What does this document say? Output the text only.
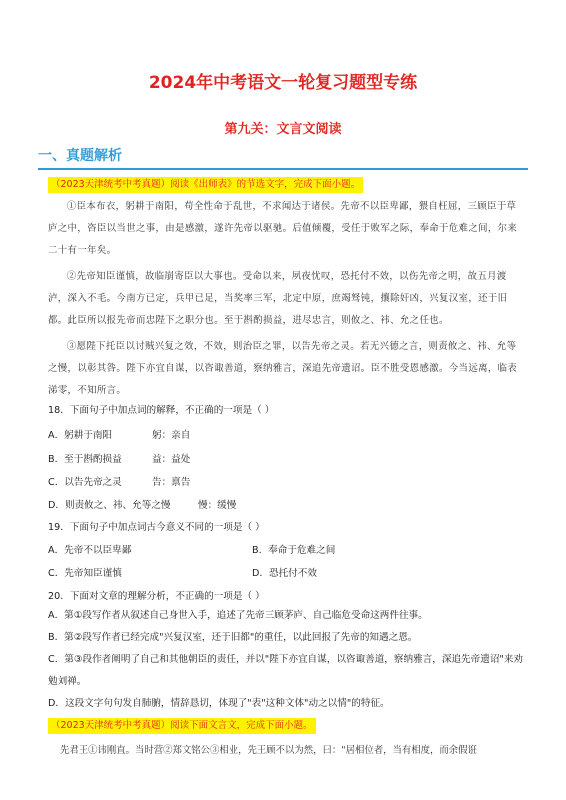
2024年中考语文一轮复习题型专练
第九关：文言文阅读
一、真题解析
（2023天津统考中考真题）阅读《出师表》的节选文字，完成下面小题。

①臣本布衣，躬耕于南阳，苟全性命于乱世，不求闻达于诸侯。先帝不以臣卑鄙，猥自枉屈，三顾臣于草庐之中，咨臣以当世之事，由是感激，遂许先帝以驱驰。后值倾覆，受任于败军之际，奉命于危难之间，尔来二十有一年矣。

②先帝知臣谨慎，故临崩寄臣以大事也。受命以来，夙夜忧叹，恐托付不效，以伤先帝之明，故五月渡泸，深入不毛。今南方已定，兵甲已足，当奖率三军，北定中原，庶竭驽钝，攘除奸凶，兴复汉室，还于旧都。此臣所以报先帝而忠陛下之职分也。至于斟酌损益，进尽忠言，则攸之、祎、允之任也。

③愿陛下托臣以讨贼兴复之效，不效，则治臣之罪，以告先帝之灵。若无兴德之言，则责攸之、祎、允等之慢，以彰其咎。陛下亦宜自谋，以咨诹善道，察纳雅言，深追先帝遗诏。臣不胜受恩感激。今当远离，临表涕零，不知所言。

18．下面句子中加点词的解释，不正确的一项是（ ）
A．躬耕于南阳	躬：亲自
B．至于斟酌损益	益：益处
C．以告先帝之灵	告：禀告
D．则责攸之、祎、允等之慢	慢：缓慢
19．下面句子中加点词古今意义不同的一项是（ ）
A．先帝不以臣卑鄙	B．奉命于危难之间
C．先帝知臣谨慎	D．恐托付不效
20．下面对文章的理解分析，不正确的一项是（ ）
A．第①段写作者从叙述自己身世入手，追述了先帝三顾茅庐、自己临危受命这两件往事。
B．第②段写作者已经完成"兴复汉室，还于旧都"的重任，以此回报了先帝的知遇之恩。
C．第③段作者阐明了自己和其他朝臣的责任，并以"陛下亦宜自谋，以咨诹善道，察纳雅言，深追先帝遗诏"来劝勉刘禅。
D．这段文字句句发自肺腑，情辞恳切，体现了"表"这种文体"动之以情"的特征。
（2023天津统考中考真题）阅读下面文言文，完成下面小题。
先君王①讳刚直。当时营②郑文铭公③相业，先王顾不以为然，曰："居相位者，当有相度，而余假诳
